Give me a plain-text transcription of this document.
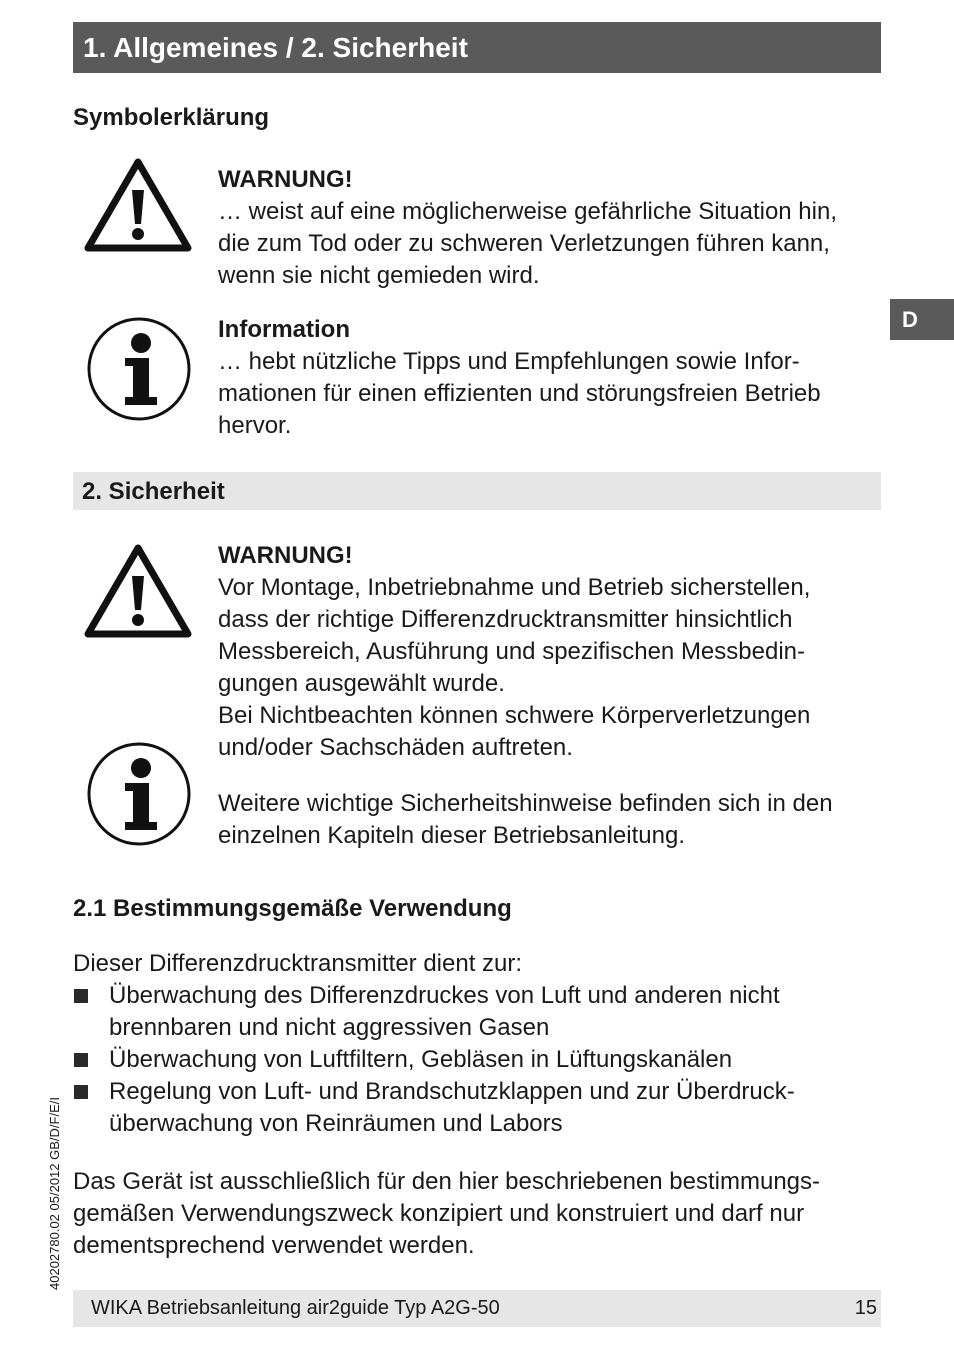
1. Allgemeines / 2. Sicherheit
D
Symbolerklärung
WARNUNG!
… weist auf eine möglicherweise gefährliche Situation hin,
die zum Tod oder zu schweren Verletzungen führen kann,
wenn sie nicht gemieden wird.
Information
… hebt nützliche Tipps und Empfehlungen sowie Infor-
mationen für einen effizienten und störungsfreien Betrieb
hervor.
2. Sicherheit
WARNUNG!
Vor Montage, Inbetriebnahme und Betrieb sicherstellen,
dass der richtige Differenzdrucktransmitter hinsichtlich
Messbereich, Ausführung und spezifischen Messbedin-
gungen ausgewählt wurde.
Bei Nichtbeachten können schwere Körperverletzungen
und/oder Sachschäden auftreten.
Weitere wichtige Sicherheitshinweise befinden sich in den
einzelnen Kapiteln dieser Betriebsanleitung.
2.1 Bestimmungsgemäße Verwendung
Dieser Differenzdrucktransmitter dient zur:
Überwachung des Differenzdruckes von Luft und anderen nicht
brennbaren und nicht aggressiven Gasen
Überwachung von Luftfiltern, Gebläsen in Lüftungskanälen
Regelung von Luft- und Brandschutzklappen und zur Überdruck-
überwachung von Reinräumen und Labors
Das Gerät ist ausschließlich für den hier beschriebenen bestimmungs-
gemäßen Verwendungszweck konzipiert und konstruiert und darf nur
dementsprechend verwendet werden.
40202780.02 05/2012 GB/D/F/E/I
WIKA Betriebsanleitung air2guide Typ A2G-50	15
